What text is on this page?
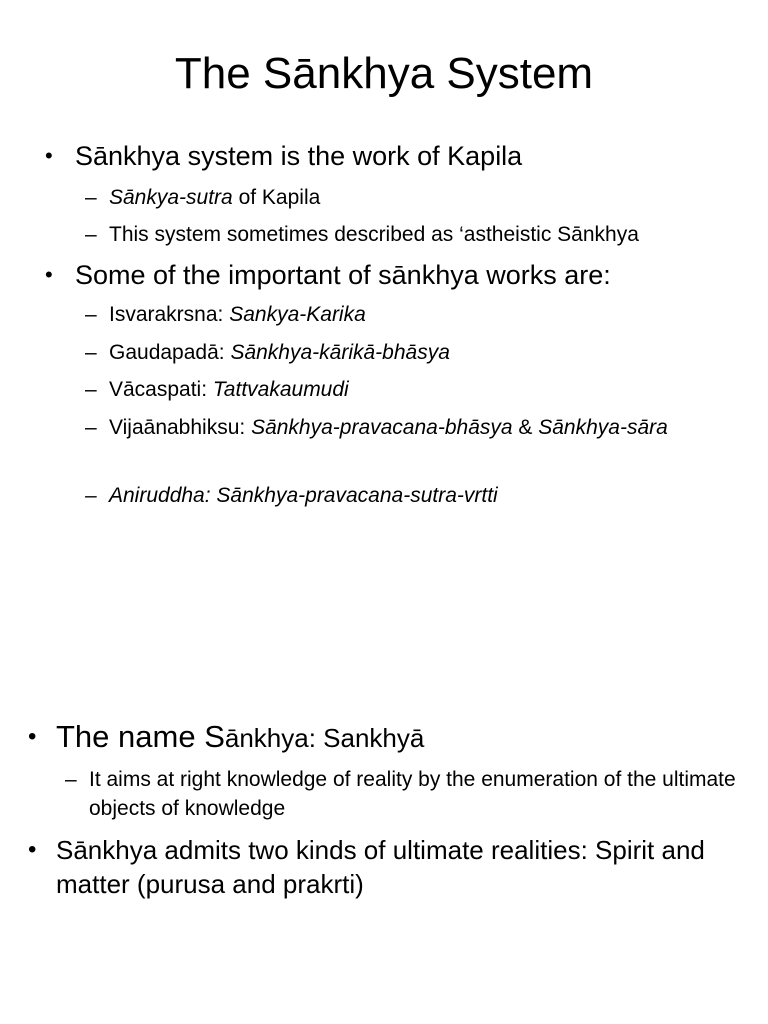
The Sānkhya System
• Sānkhya system is the work of Kapila
– Sānkya-sutra of Kapila
– This system sometimes described as ‘astheistic Sānkhya
• Some of the important of sānkhya works are:
– Isvarakrsna: Sankya-Karika
– Gaudapadā: Sānkhya-kārikā-bhāsya
– Vācaspati: Tattvakaumudi
– Vijaānabhiksu: Sānkhya-pravacana-bhāsya & Sānkhya-sāra
– Aniruddha: Sānkhya-pravacana-sutra-vrtti
• The name Sānkhya: Sankhyā
– It aims at right knowledge of reality by the enumeration of the ultimate objects of knowledge
• Sānkhya admits two kinds of ultimate realities: Spirit and matter (purusa and prakrti)
